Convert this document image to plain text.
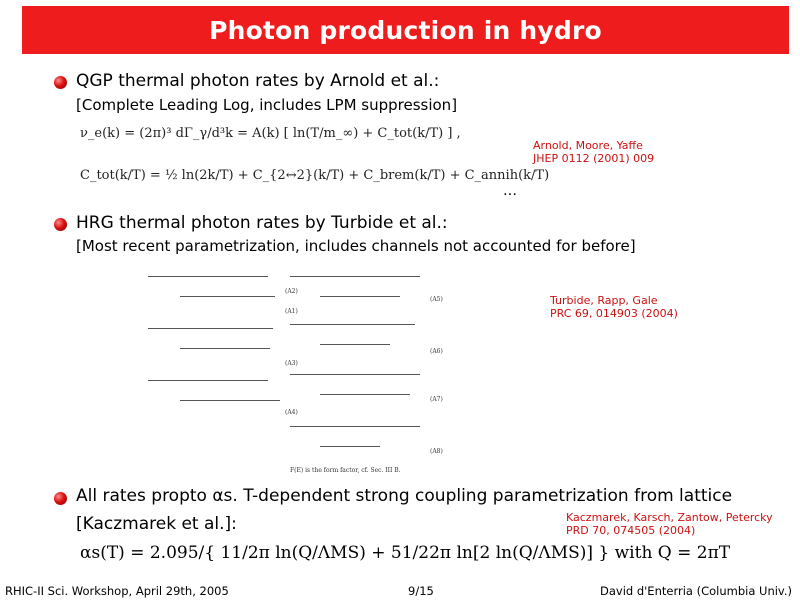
Photon production in hydro
QGP thermal photon rates by Arnold et al.:
[Complete Leading Log, includes LPM suppression]
ν_e(k) = (2π)³ dΓ_γ/d³k = A(k) [ ln(T/m_∞) + C_tot(k/T) ] ,
C_tot(k/T) = ½ ln(2k/T) + C_{2↔2}(k/T) + C_brem(k/T) + C_annih(k/T)
…
Arnold, Moore, Yaffe
JHEP 0112 (2001) 009
HRG thermal photon rates by Turbide et al.:
[Most recent parametrization, includes channels not accounted for before]
Turbide, Rapp, Gale
PRC 69, 014903 (2004)
(A1)
(A3)
(A4)
(A5)
(A6)
(A7)
(A8)
(A2)
F(E) is the form factor, cf. Sec. III B.
All rates propto αs. T-dependent strong coupling parametrization from lattice
[Kaczmarek et al.]:	Kaczmarek, Karsch, Zantow, Petercky
PRD 70, 074505 (2004)
αs(T) = 2.095/{ 11/2π ln(Q/ΛMS) + 51/22π ln[2 ln(Q/ΛMS)] } with Q = 2πT
RHIC-II Sci. Workshop, April 29th, 2005	9/15	David d'Enterria (Columbia Univ.)
